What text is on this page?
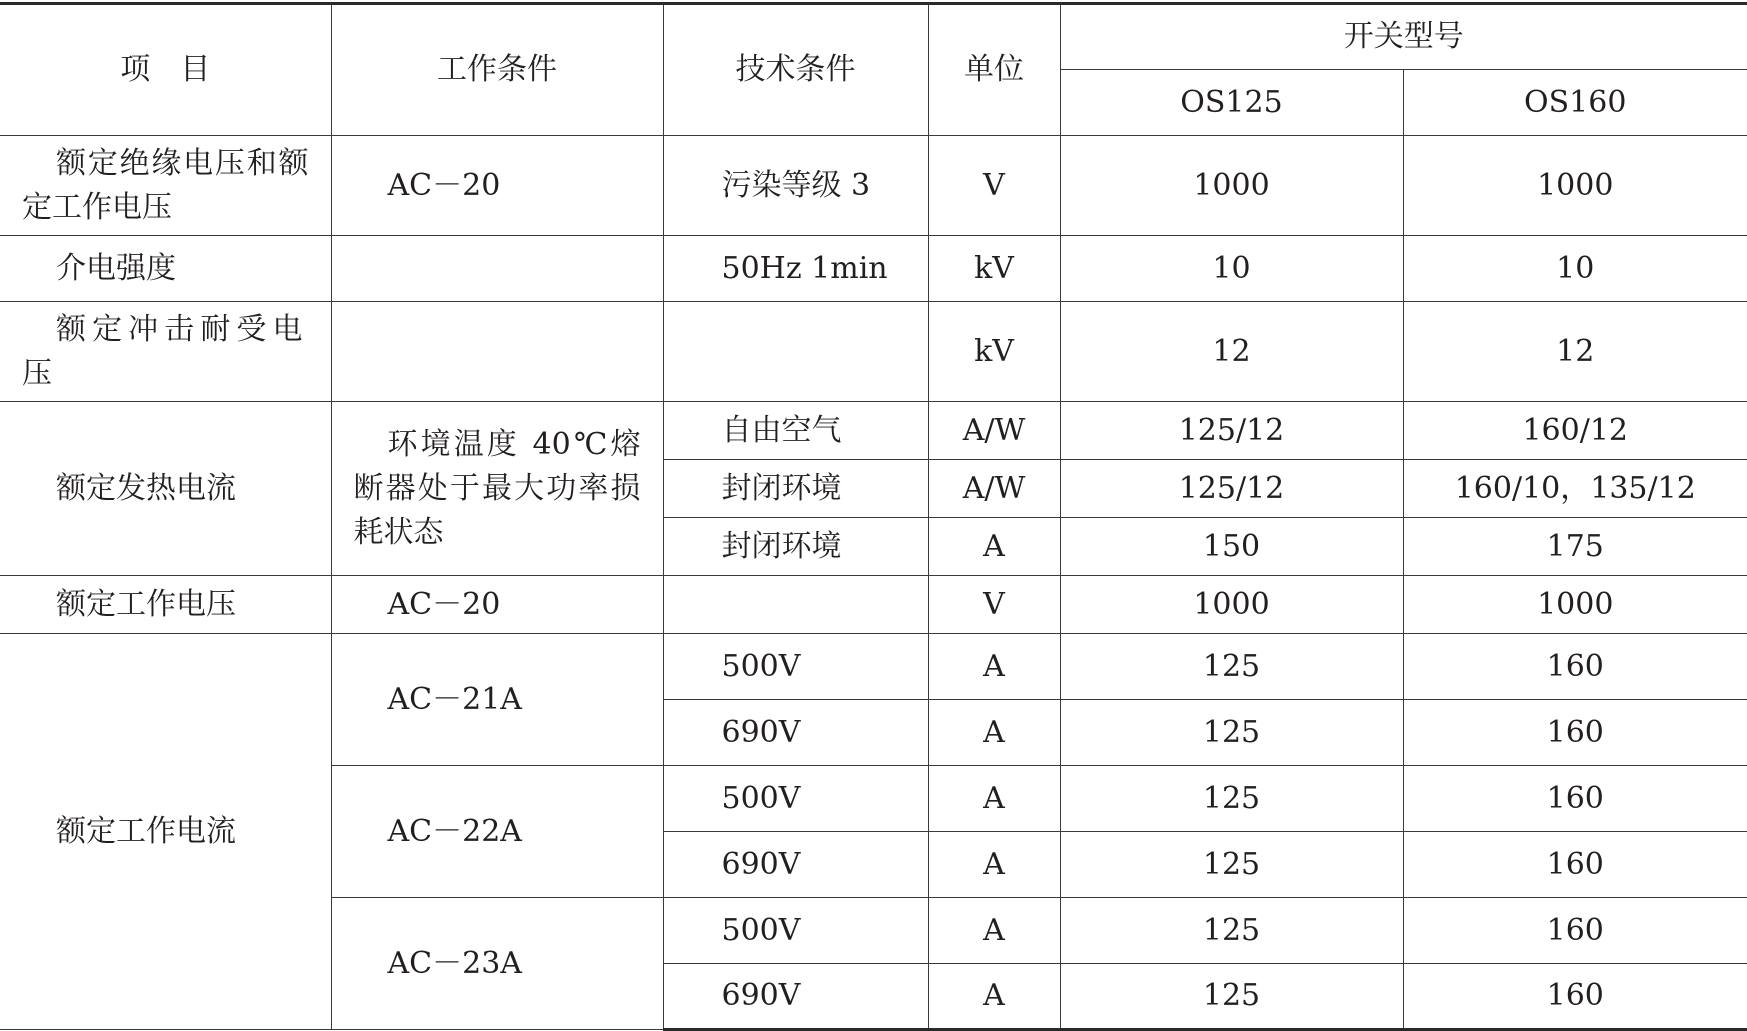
项　目	工作条件	技术条件	单位	开关型号	
				OS125	OS160
额定绝缘电压和额定工作电压	AC－20	污染等级 3	V	1000	1000
介电强度		50Hz 1min	kV	10	10
额定冲击耐受电压			kV	12	12
额定发热电流	环境温度 40℃熔断器处于最大功率损耗状态	自由空气	A/W	125/12	160/12
		封闭环境	A/W	125/12	160/10，135/12
		封闭环境	A	150	175
额定工作电压	AC－20		V	1000	1000
额定工作电流	AC－21A	500V	A	125	160
		690V	A	125	160
	AC－22A	500V	A	125	160
		690V	A	125	160
	AC－23A	500V	A	125	160
		690V	A	125	160
